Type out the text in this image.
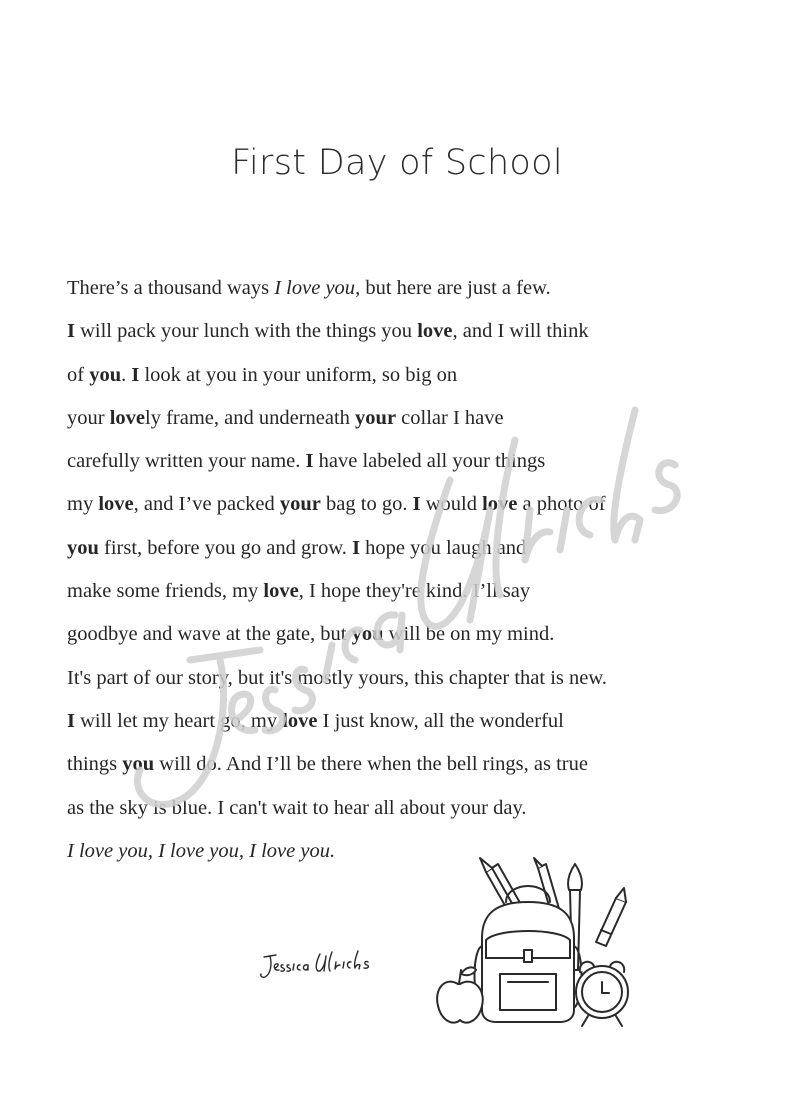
First Day of School
There’s a thousand ways I love you, but here are just a few.
I will pack your lunch with the things you love, and I will think
of you. I look at you in your uniform, so big on
your lovely frame, and underneath your collar I have
carefully written your name. I have labeled all your things
my love, and I’ve packed your bag to go. I would love a photo of
you first, before you go and grow. I hope you laugh and
make some friends, my love, I hope they're kind. I’ll say
goodbye and wave at the gate, but you will be on my mind.
It's part of our story, but it's mostly yours, this chapter that is new.
I will let my heart go, my love I just know, all the wonderful
things you will do. And I’ll be there when the bell rings, as true
as the sky is blue. I can't wait to hear all about your day.
I love you, I love you, I love you.
